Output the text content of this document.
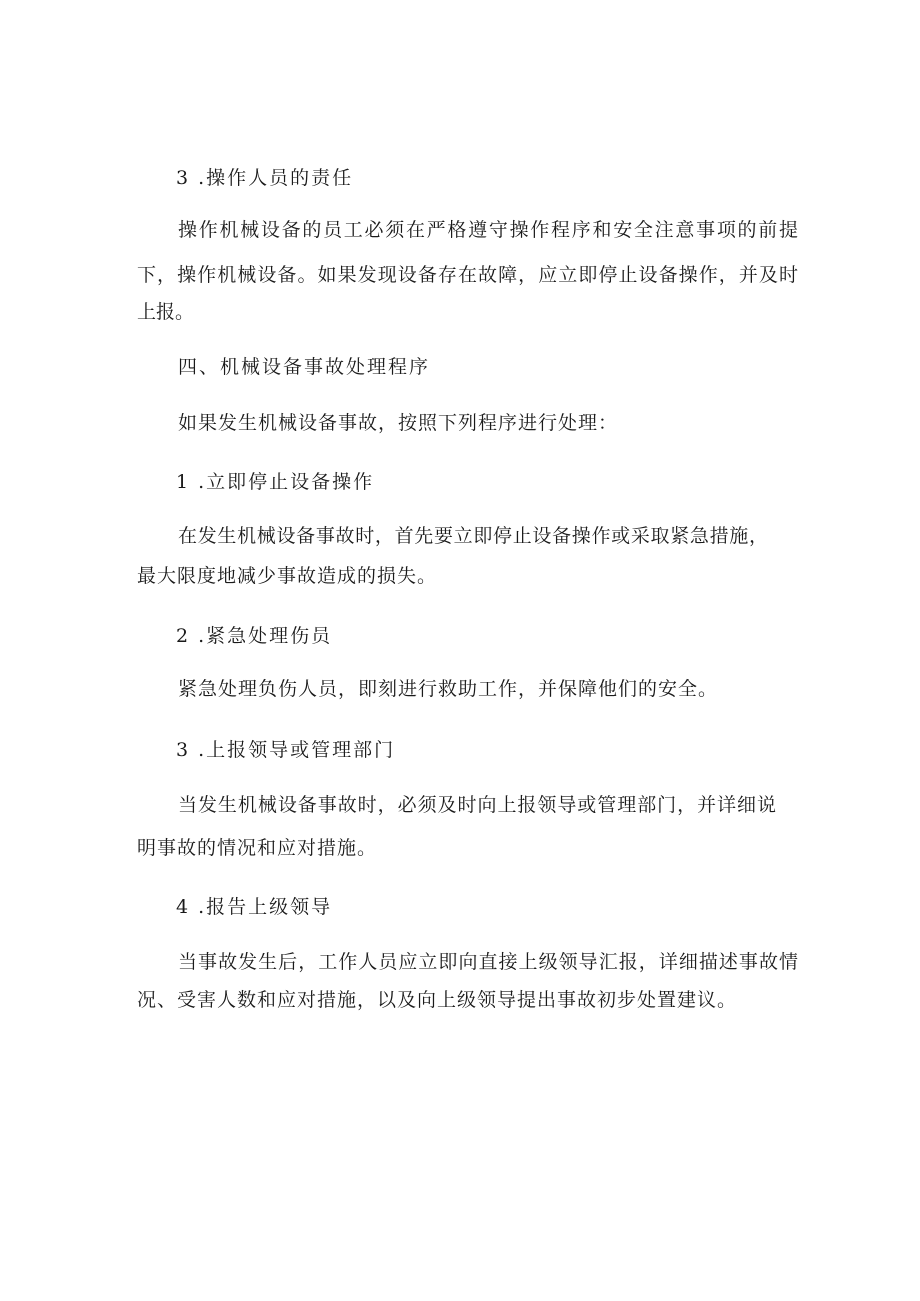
3 .操作人员的责任
操作机械设备的员工必须在严格遵守操作程序和安全注意事项的前提
下，操作机械设备。如果发现设备存在故障，应立即停止设备操作，并及时
上报。
四、机械设备事故处理程序
如果发生机械设备事故，按照下列程序进行处理：
1 .立即停止设备操作
在发生机械设备事故时，首先要立即停止设备操作或采取紧急措施，
最大限度地减少事故造成的损失。
2 .紧急处理伤员
紧急处理负伤人员，即刻进行救助工作，并保障他们的安全。
3 .上报领导或管理部门
当发生机械设备事故时，必须及时向上报领导或管理部门，并详细说
明事故的情况和应对措施。
4 .报告上级领导
当事故发生后，工作人员应立即向直接上级领导汇报，详细描述事故情
况、受害人数和应对措施，以及向上级领导提出事故初步处置建议。
